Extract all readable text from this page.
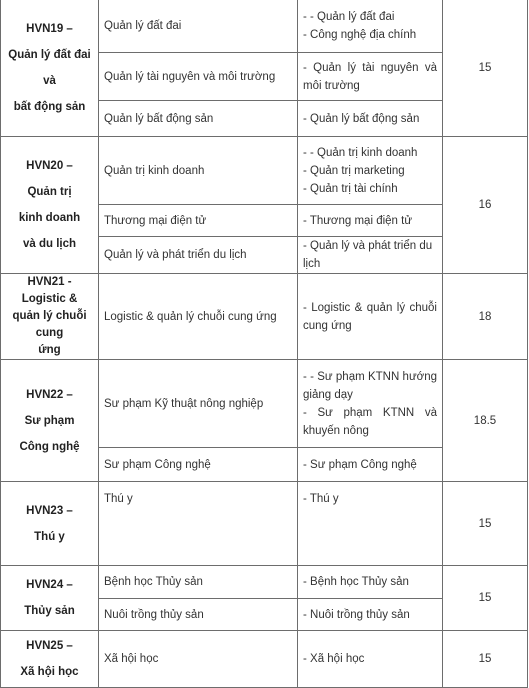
HVN19 –
Quản lý đất đai và
bất động sản	Quản lý đất đai	- - Quản lý đất đai
- Công nghệ địa chính	15
	Quản lý tài nguyên và môi trường	- Quản lý tài nguyên và môi trường	
	Quản lý bất động sản	- Quản lý bất động sản	

HVN20 –
Quản trị
kinh doanh
và du lịch	Quản trị kinh doanh	- - Quản trị kinh doanh
- Quản trị marketing
- Quản trị tài chính	16
	Thương mại điện tử	- Thương mại điện tử	
	Quản lý và phát triển du lịch	- Quản lý và phát triển du lịch	

HVN21 - Logistic &
quản lý chuỗi cung
ứng	Logistic & quản lý chuỗi cung ứng	- Logistic & quản lý chuỗi cung ứng	18

HVN22 –
Sư phạm
Công nghệ	Sư phạm Kỹ thuật nông nghiệp	- - Sư phạm KTNN hướng giảng dạy
- Sư phạm KTNN và khuyến nông	18.5
	Sư phạm Công nghệ	- Sư phạm Công nghệ	

HVN23 –
Thú y	Thú y	- Thú y	15

HVN24 –
Thủy sản	Bệnh học Thủy sản	- Bệnh học Thủy sản	15
	Nuôi trồng thủy sản	- Nuôi trồng thủy sản	

HVN25 –
Xã hội học	Xã hội học	- Xã hội học	15
